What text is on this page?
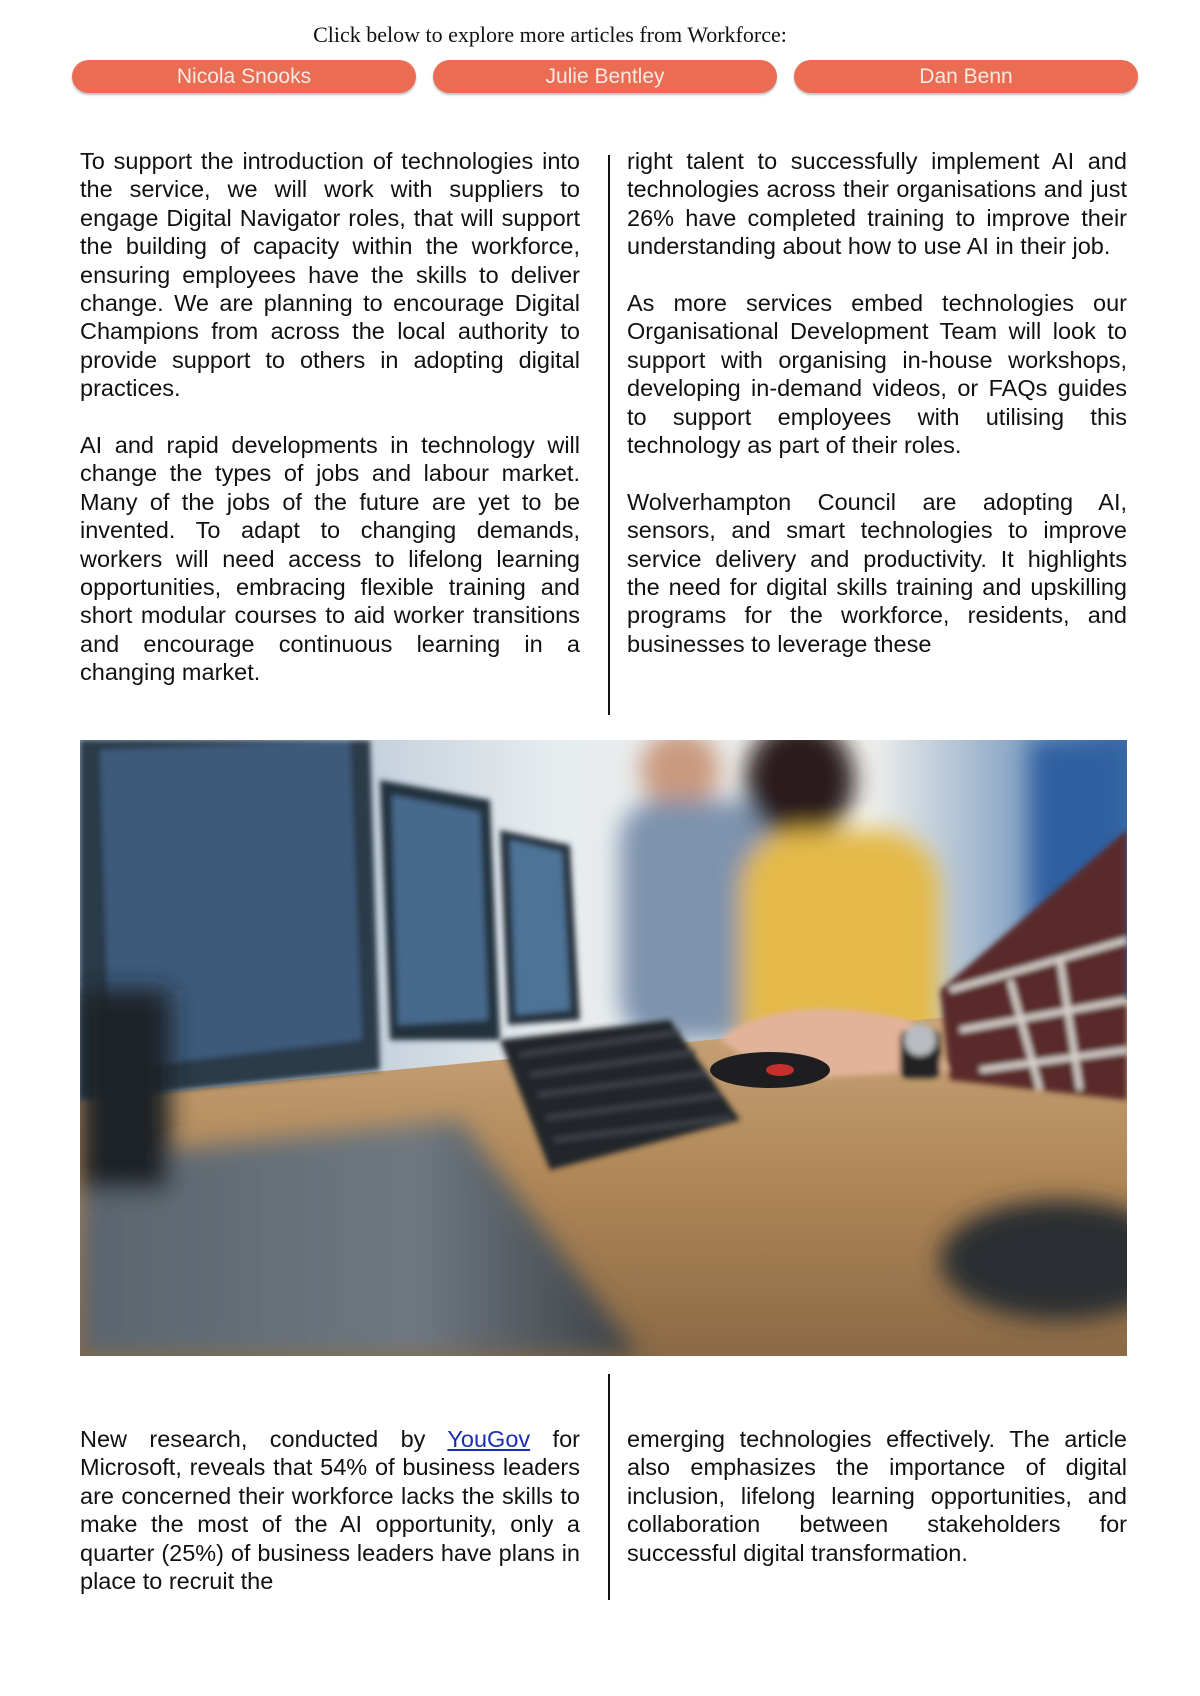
Click below to explore more articles from Workforce:
Nicola Snooks	Julie Bentley	Dan Benn

To support the introduction of technologies into the service, we will work with suppliers to engage Digital Navigator roles, that will support the building of capacity within the workforce, ensuring employees have the skills to deliver change. We are planning to encourage Digital Champions from across the local authority to provide support to others in adopting digital practices.

AI and rapid developments in technology will change the types of jobs and labour market. Many of the jobs of the future are yet to be invented. To adapt to changing demands, workers will need access to lifelong learning opportunities, embracing flexible training and short modular courses to aid worker transitions and encourage continuous learning in a changing market.

right talent to successfully implement AI and technologies across their organisations and just 26% have completed training to improve their understanding about how to use AI in their job.

As more services embed technologies our Organisational Development Team will look to support with organising in-house workshops, developing in-demand videos, or FAQs guides to support employees with utilising this technology as part of their roles.

Wolverhampton Council are adopting AI, sensors, and smart technologies to improve service delivery and productivity. It highlights the need for digital skills training and upskilling programs for the workforce, residents, and businesses to leverage these

New research, conducted by YouGov for Microsoft, reveals that 54% of business leaders are concerned their workforce lacks the skills to make the most of the AI opportunity, only a quarter (25%) of business leaders have plans in place to recruit the

emerging technologies effectively. The article also emphasizes the importance of digital inclusion, lifelong learning opportunities, and collaboration between stakeholders for successful digital transformation.
